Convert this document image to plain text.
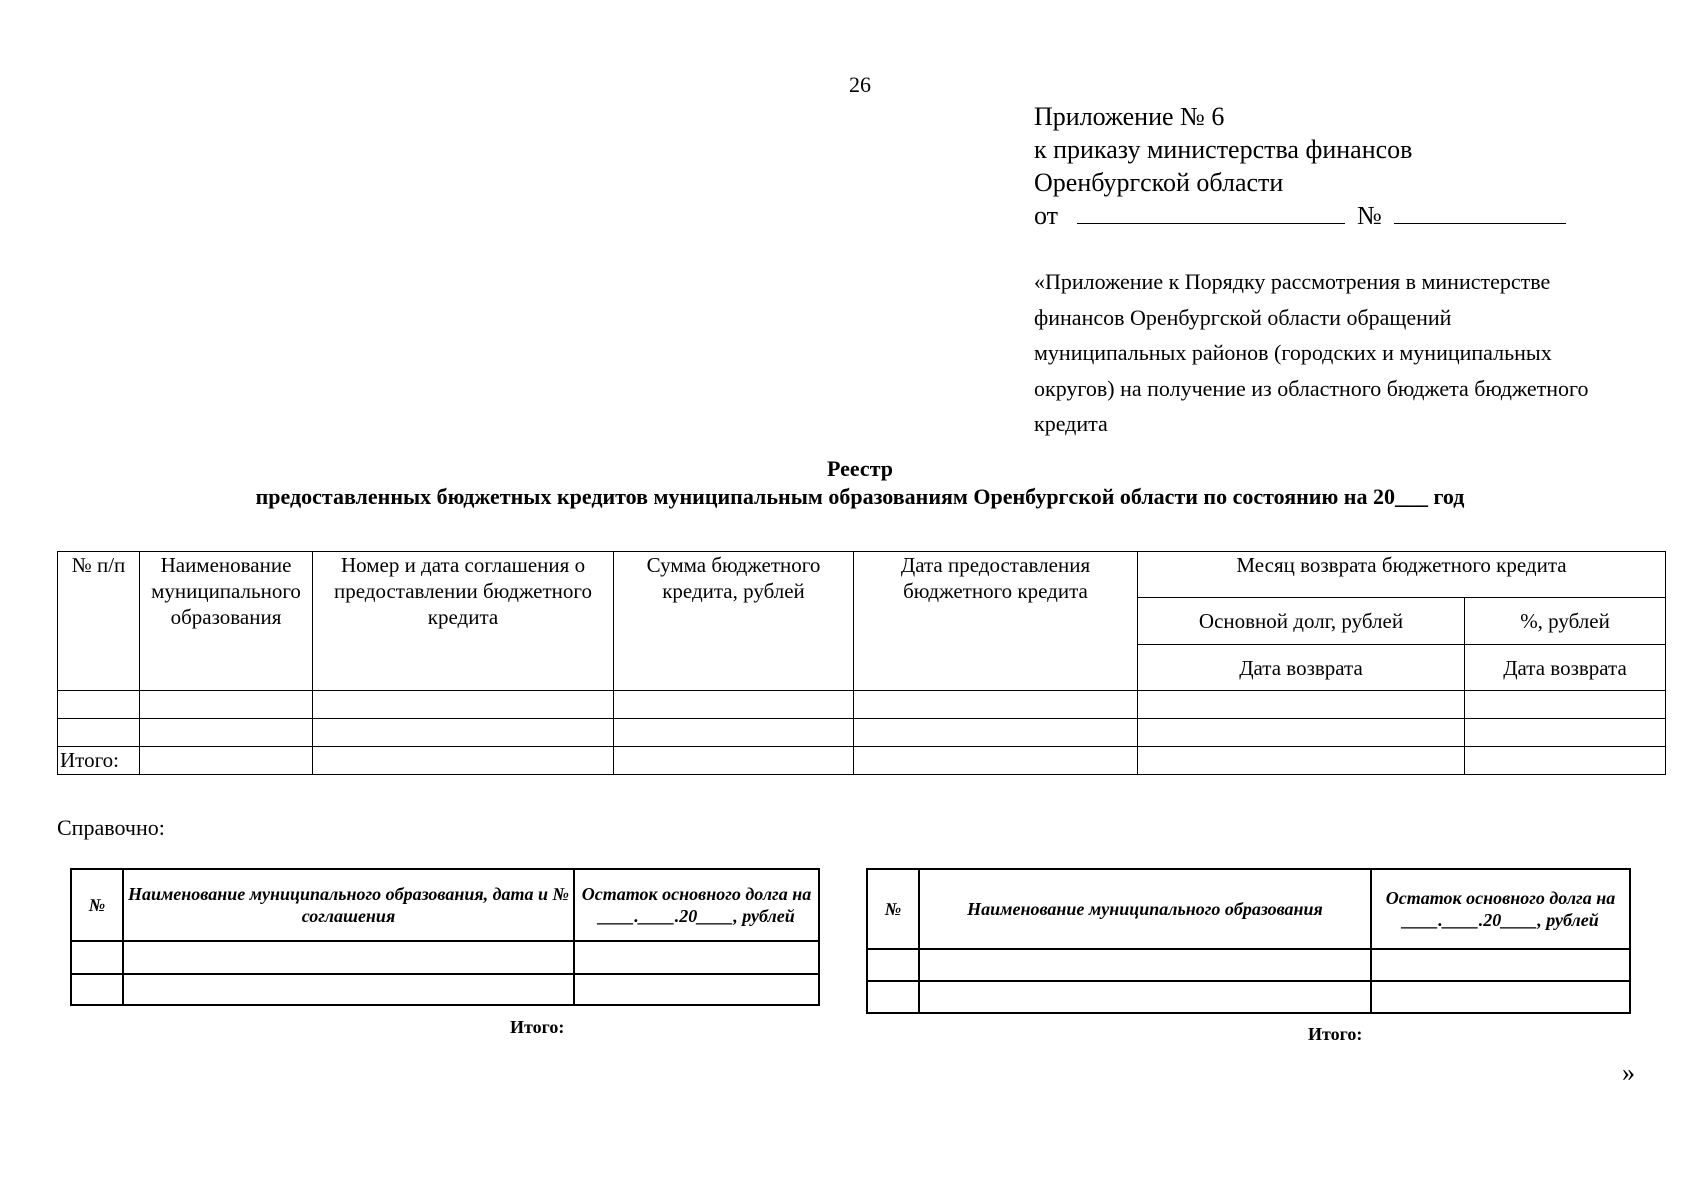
26
Приложение № 6
к приказу министерства финансов
Оренбургской области
от	№
«Приложение к Порядку рассмотрения в министерстве
финансов Оренбургской области обращений
муниципальных районов (городских и муниципальных
округов) на получение из областного бюджета бюджетного
кредита
Реестр
предоставленных бюджетных кредитов муниципальным образованиям Оренбургской области по состоянию на 20___ год
№ п/п	Наименование муниципального образования	Номер и дата соглашения о предоставлении бюджетного кредита	Сумма бюджетного кредита, рублей	Дата предоставления бюджетного кредита	Месяц возврата бюджетного кредита	
					Основной долг, рублей	%, рублей
					Дата возврата	Дата возврата

Итого:						
Справочно:
№	Наименование муниципального образования, дата и № соглашения	Остаток основного долга на ____.____.20____, рублей

Итого:
№	Наименование муниципального образования	Остаток основного долга на ____.____.20____, рублей

Итого:
»
